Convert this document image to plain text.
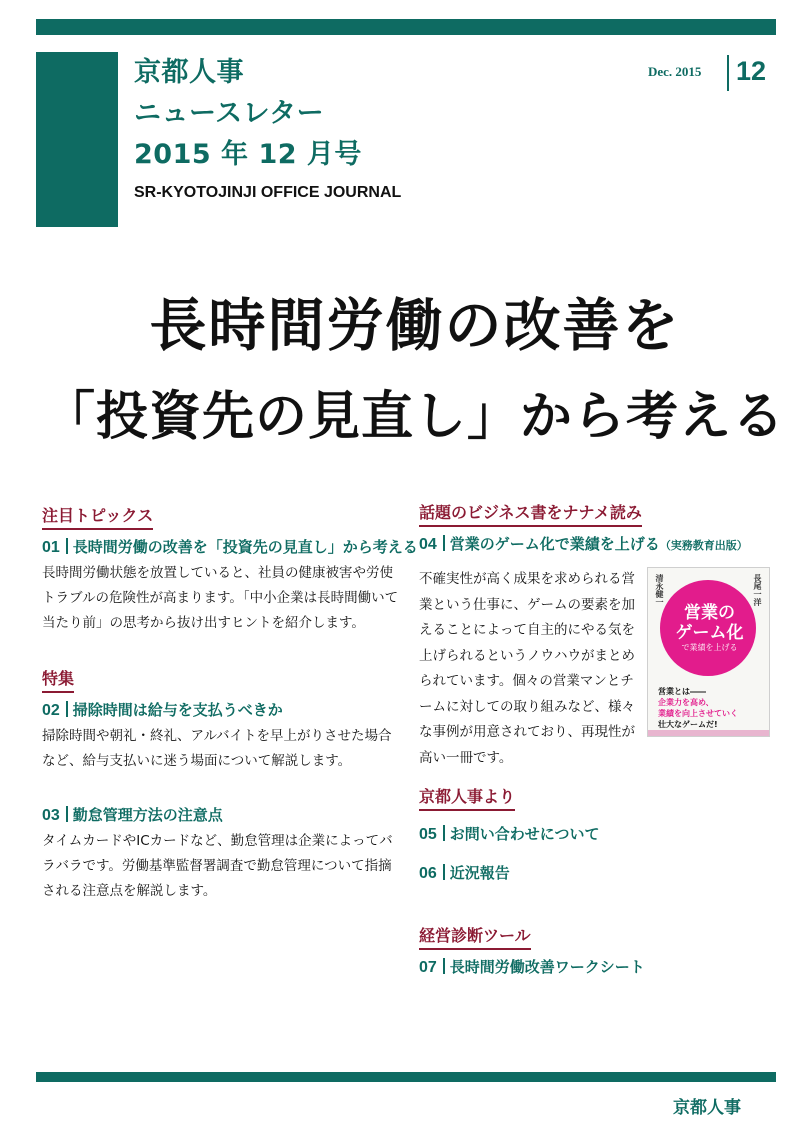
京都人事
ニュースレター
2015 年 12 月号
SR-KYOTOJINJI OFFICE JOURNAL
Dec. 2015 12
長時間労働の改善を
「投資先の見直し」から考える
注目トピックス
01 長時間労働の改善を「投資先の見直し」から考える
長時間労働状態を放置していると、社員の健康被害や労使トラブルの危険性が高まります。「中小企業は長時間働いて当たり前」の思考から抜け出すヒントを紹介します。
特集
02 掃除時間は給与を支払うべきか
掃除時間や朝礼・終礼、アルバイトを早上がりさせた場合など、給与支払いに迷う場面について解説します。
03 勤怠管理方法の注意点
タイムカードやICカードなど、勤怠管理は企業によってバラバラです。労働基準監督署調査で勤怠管理について指摘される注意点を解説します。
話題のビジネス書をナナメ読み
04 営業のゲーム化で業績を上げる（実務教育出版）
不確実性が高く成果を求められる営業という仕事に、ゲームの要素を加えることによって自主的にやる気を上げられるというノウハウがまとめられています。個々の営業マンとチームに対しての取り組みなど、様々な事例が用意されており、再現性が高い一冊です。
長尾一洋
清永健一
営業の
ゲーム化
で業績を上げる
営業とは――
企業力を高め、
業績を向上させていく
壮大なゲームだ!
京都人事より
05 お問い合わせについて
06 近況報告
経営診断ツール
07 長時間労働改善ワークシート
京都人事
